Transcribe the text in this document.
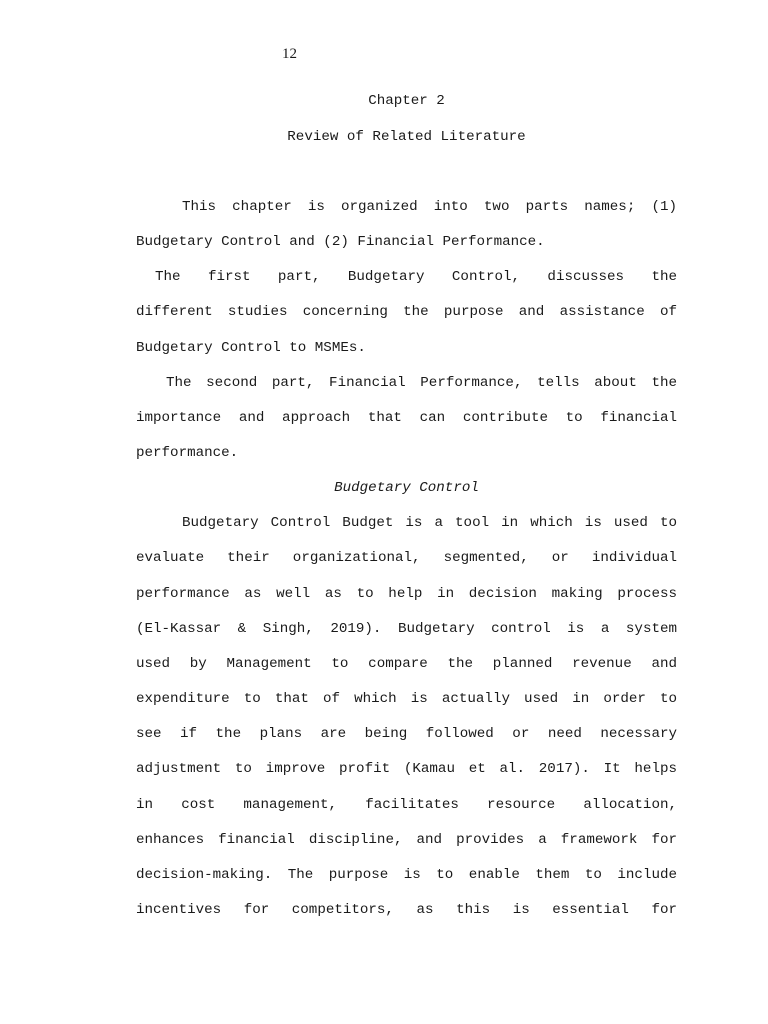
12
Chapter 2
Review of Related Literature
This chapter is organized into two parts names; (1)
Budgetary Control and (2) Financial Performance.
The first part, Budgetary Control, discusses the
different studies concerning the purpose and assistance of
Budgetary Control to MSMEs.
The second part, Financial Performance, tells about the
importance and approach that can contribute to financial
performance.
Budgetary Control
Budgetary Control Budget is a tool in which is used to
evaluate their organizational, segmented, or individual
performance as well as to help in decision making process
(El-Kassar & Singh, 2019). Budgetary control is a system
used by Management to compare the planned revenue and
expenditure to that of which is actually used in order to
see if the plans are being followed or need necessary
adjustment to improve profit (Kamau et al. 2017). It helps
in cost management, facilitates resource allocation,
enhances financial discipline, and provides a framework for
decision-making. The purpose is to enable them to include
incentives for competitors, as this is essential for
